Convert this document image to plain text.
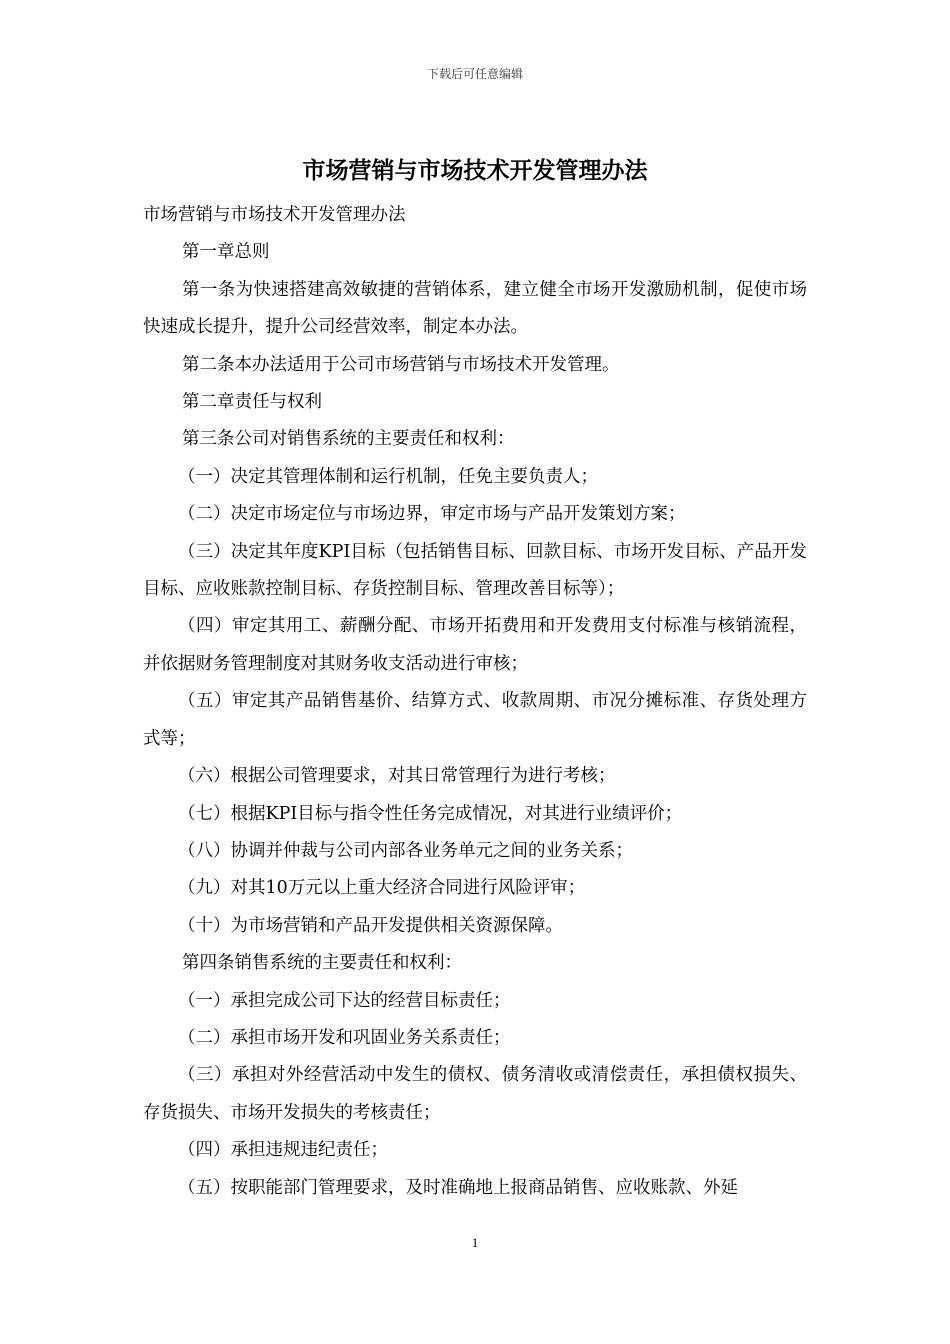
下载后可任意编辑
市场营销与市场技术开发管理办法

市场营销与市场技术开发管理办法

第一章总则

第一条为快速搭建高效敏捷的营销体系，建立健全市场开发激励机制，促使市场快速成长提升，提升公司经营效率，制定本办法。

第二条本办法适用于公司市场营销与市场技术开发管理。

第二章责任与权利

第三条公司对销售系统的主要责任和权利：

（一）决定其管理体制和运行机制，任免主要负责人；

（二）决定市场定位与市场边界，审定市场与产品开发策划方案；

（三）决定其年度KPI目标（包括销售目标、回款目标、市场开发目标、产品开发目标、应收账款控制目标、存货控制目标、管理改善目标等）；

（四）审定其用工、薪酬分配、市场开拓费用和开发费用支付标准与核销流程，并依据财务管理制度对其财务收支活动进行审核；

（五）审定其产品销售基价、结算方式、收款周期、市况分摊标准、存货处理方式等；

（六）根据公司管理要求，对其日常管理行为进行考核；

（七）根据KPI目标与指令性任务完成情况，对其进行业绩评价；

（八）协调并仲裁与公司内部各业务单元之间的业务关系；

（九）对其10万元以上重大经济合同进行风险评审；

（十）为市场营销和产品开发提供相关资源保障。

第四条销售系统的主要责任和权利：

（一）承担完成公司下达的经营目标责任；

（二）承担市场开发和巩固业务关系责任；

（三）承担对外经营活动中发生的债权、债务清收或清偿责任，承担债权损失、存货损失、市场开发损失的考核责任；

（四）承担违规违纪责任；

（五）按职能部门管理要求，及时准确地上报商品销售、应收账款、外延

1
